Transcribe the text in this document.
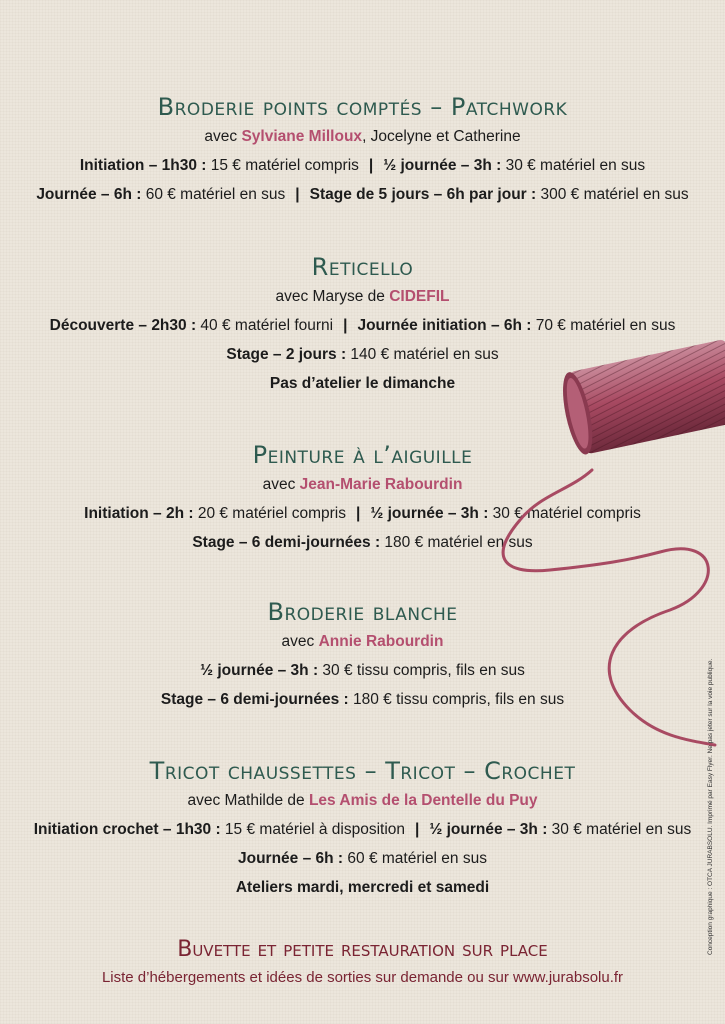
Broderie points comptés – Patchwork
avec Sylviane Milloux, Jocelyne et Catherine
Initiation – 1h30 : 15 € matériel compris | ½ journée – 3h : 30 € matériel en sus
Journée – 6h : 60 € matériel en sus | Stage de 5 jours – 6h par jour : 300 € matériel en sus
Reticello
avec Maryse de CIDEFIL
Découverte – 2h30 : 40 € matériel fourni | Journée initiation – 6h : 70 € matériel en sus
Stage – 2 jours : 140 € matériel en sus
Pas d’atelier le dimanche
Peinture à l’aiguille
avec Jean-Marie Rabourdin
Initiation – 2h : 20 € matériel compris | ½ journée – 3h : 30 € matériel compris
Stage – 6 demi-journées : 180 € matériel en sus
Broderie blanche
avec Annie Rabourdin
½ journée – 3h : 30 € tissu compris, fils en sus
Stage – 6 demi-journées : 180 € tissu compris, fils en sus
Tricot chaussettes – Tricot – Crochet
avec Mathilde de Les Amis de la Dentelle du Puy
Initiation crochet – 1h30 : 15 € matériel à disposition | ½ journée – 3h : 30 € matériel en sus
Journée – 6h : 60 € matériel en sus
Ateliers mardi, mercredi et samedi
Buvette et petite restauration sur place
Liste d’hébergements et idées de sorties sur demande ou sur www.jurabsolu.fr
Conception graphique : OTCA JURABSOLU. Imprimé par Easy Flyer. Ne pas jeter sur la voie publique.
